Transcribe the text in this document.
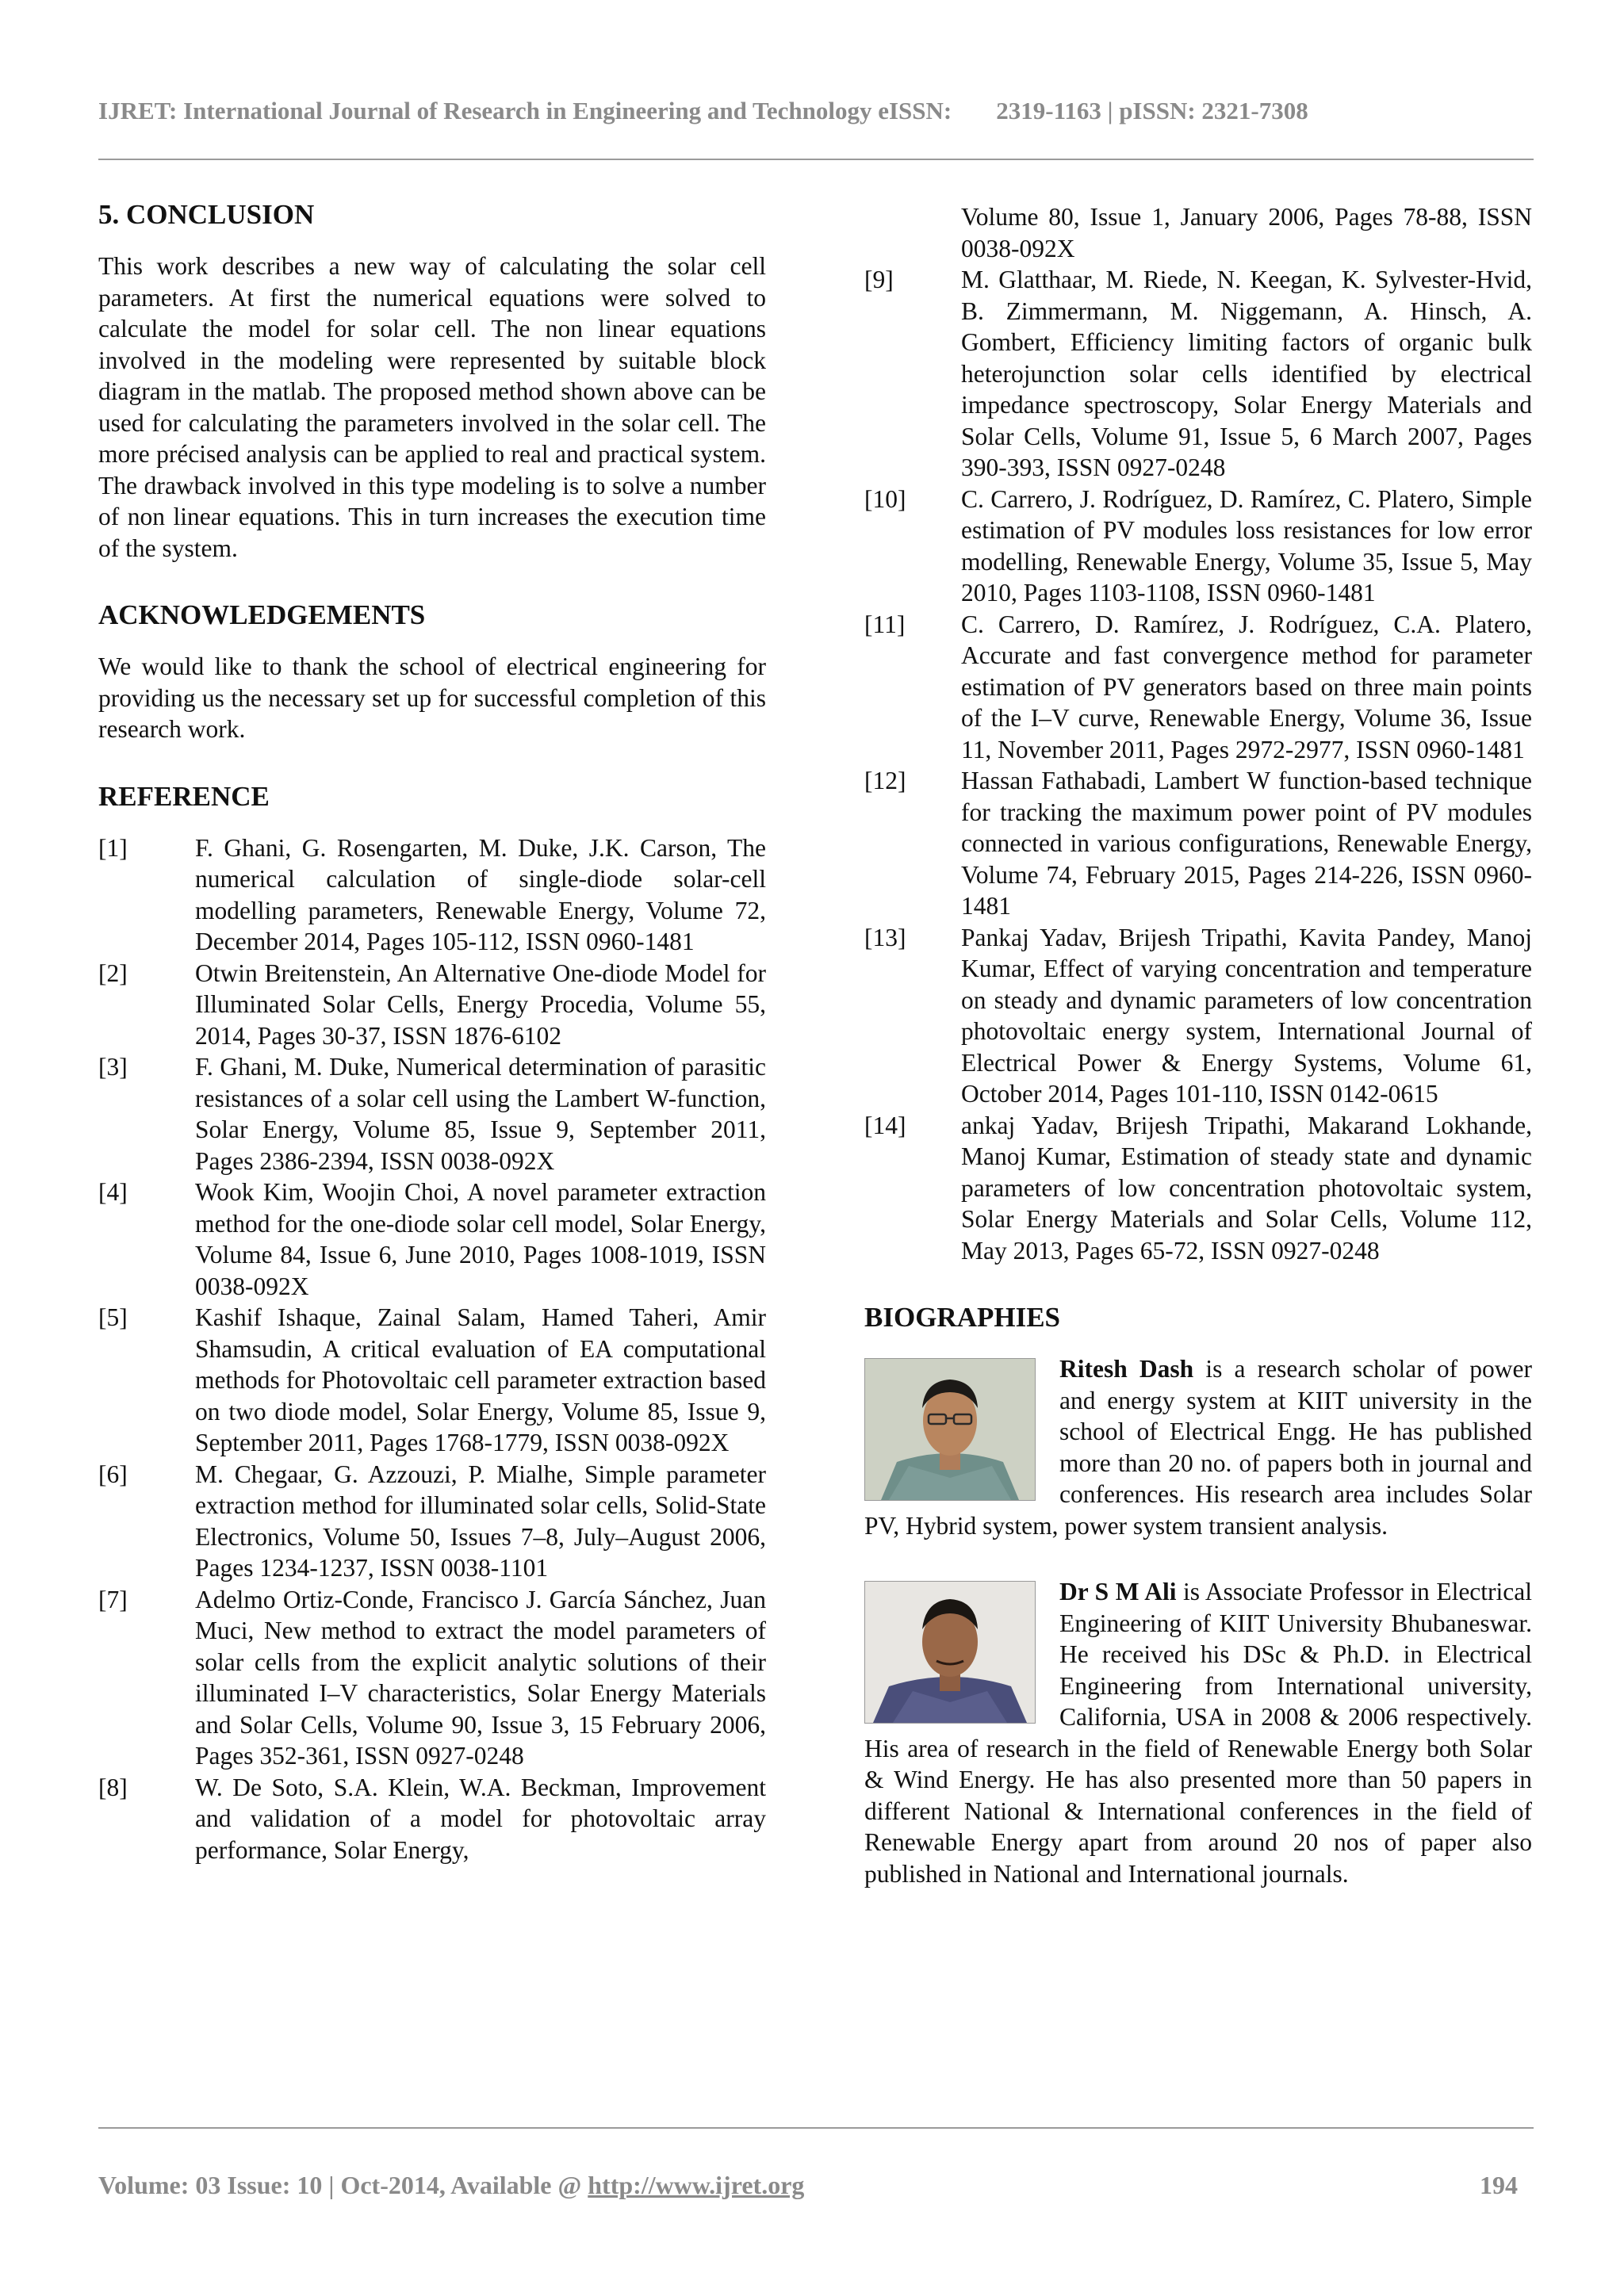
IJRET: International Journal of Research in Engineering and Technology eISSN: 2319-1163 | pISSN: 2321-7308
5. CONCLUSION

This work describes a new way of calculating the solar cell parameters. At first the numerical equations were solved to calculate the model for solar cell. The non linear equations involved in the modeling were represented by suitable block diagram in the matlab. The proposed method shown above can be used for calculating the parameters involved in the solar cell. The more précised analysis can be applied to real and practical system. The drawback involved in this type modeling is to solve a number of non linear equations. This in turn increases the execution time of the system.

ACKNOWLEDGEMENTS

We would like to thank the school of electrical engineering for providing us the necessary set up for successful completion of this research work.

REFERENCE
[1]	F. Ghani, G. Rosengarten, M. Duke, J.K. Carson, The numerical calculation of single-diode solar-cell modelling parameters, Renewable Energy, Volume 72, December 2014, Pages 105-112, ISSN 0960-1481
[2]	Otwin Breitenstein, An Alternative One-diode Model for Illuminated Solar Cells, Energy Procedia, Volume 55, 2014, Pages 30-37, ISSN 1876-6102
[3]	F. Ghani, M. Duke, Numerical determination of parasitic resistances of a solar cell using the Lambert W-function, Solar Energy, Volume 85, Issue 9, September 2011, Pages 2386-2394, ISSN 0038-092X
[4]	Wook Kim, Woojin Choi, A novel parameter extraction method for the one-diode solar cell model, Solar Energy, Volume 84, Issue 6, June 2010, Pages 1008-1019, ISSN 0038-092X
[5]	Kashif Ishaque, Zainal Salam, Hamed Taheri, Amir Shamsudin, A critical evaluation of EA computational methods for Photovoltaic cell parameter extraction based on two diode model, Solar Energy, Volume 85, Issue 9, September 2011, Pages 1768-1779, ISSN 0038-092X
[6]	M. Chegaar, G. Azzouzi, P. Mialhe, Simple parameter extraction method for illuminated solar cells, Solid-State Electronics, Volume 50, Issues 7–8, July–August 2006, Pages 1234-1237, ISSN 0038-1101
[7]	Adelmo Ortiz-Conde, Francisco J. García Sánchez, Juan Muci, New method to extract the model parameters of solar cells from the explicit analytic solutions of their illuminated I–V characteristics, Solar Energy Materials and Solar Cells, Volume 90, Issue 3, 15 February 2006, Pages 352-361, ISSN 0927-0248
[8]	W. De Soto, S.A. Klein, W.A. Beckman, Improvement and validation of a model for photovoltaic array performance, Solar Energy,
Volume 80, Issue 1, January 2006, Pages 78-88, ISSN 0038-092X
[9]	M. Glatthaar, M. Riede, N. Keegan, K. Sylvester-Hvid, B. Zimmermann, M. Niggemann, A. Hinsch, A. Gombert, Efficiency limiting factors of organic bulk heterojunction solar cells identified by electrical impedance spectroscopy, Solar Energy Materials and Solar Cells, Volume 91, Issue 5, 6 March 2007, Pages 390-393, ISSN 0927-0248
[10]	C. Carrero, J. Rodríguez, D. Ramírez, C. Platero, Simple estimation of PV modules loss resistances for low error modelling, Renewable Energy, Volume 35, Issue 5, May 2010, Pages 1103-1108, ISSN 0960-1481
[11]	C. Carrero, D. Ramírez, J. Rodríguez, C.A. Platero, Accurate and fast convergence method for parameter estimation of PV generators based on three main points of the I–V curve, Renewable Energy, Volume 36, Issue 11, November 2011, Pages 2972-2977, ISSN 0960-1481
[12]	Hassan Fathabadi, Lambert W function-based technique for tracking the maximum power point of PV modules connected in various configurations, Renewable Energy, Volume 74, February 2015, Pages 214-226, ISSN 0960-1481
[13]	Pankaj Yadav, Brijesh Tripathi, Kavita Pandey, Manoj Kumar, Effect of varying concentration and temperature on steady and dynamic parameters of low concentration photovoltaic energy system, International Journal of Electrical Power & Energy Systems, Volume 61, October 2014, Pages 101-110, ISSN 0142-0615
[14]	ankaj Yadav, Brijesh Tripathi, Makarand Lokhande, Manoj Kumar, Estimation of steady state and dynamic parameters of low concentration photovoltaic system, Solar Energy Materials and Solar Cells, Volume 112, May 2013, Pages 65-72, ISSN 0927-0248
BIOGRAPHIES
Ritesh Dash is a research scholar of power and energy system at KIIT university in the school of Electrical Engg. He has published more than 20 no. of papers both in journal and conferences. His research area includes Solar PV, Hybrid system, power system transient analysis.
Dr S M Ali is Associate Professor in Electrical Engineering of KIIT University Bhubaneswar. He received his DSc & Ph.D. in Electrical Engineering from International university, California, USA in 2008 & 2006 respectively. His area of research in the field of Renewable Energy both Solar & Wind Energy. He has also presented more than 50 papers in different National & International conferences in the field of Renewable Energy apart from around 20 nos of paper also published in National and International journals.
Volume: 03 Issue: 10 | Oct-2014, Available @ http://www.ijret.org	194
